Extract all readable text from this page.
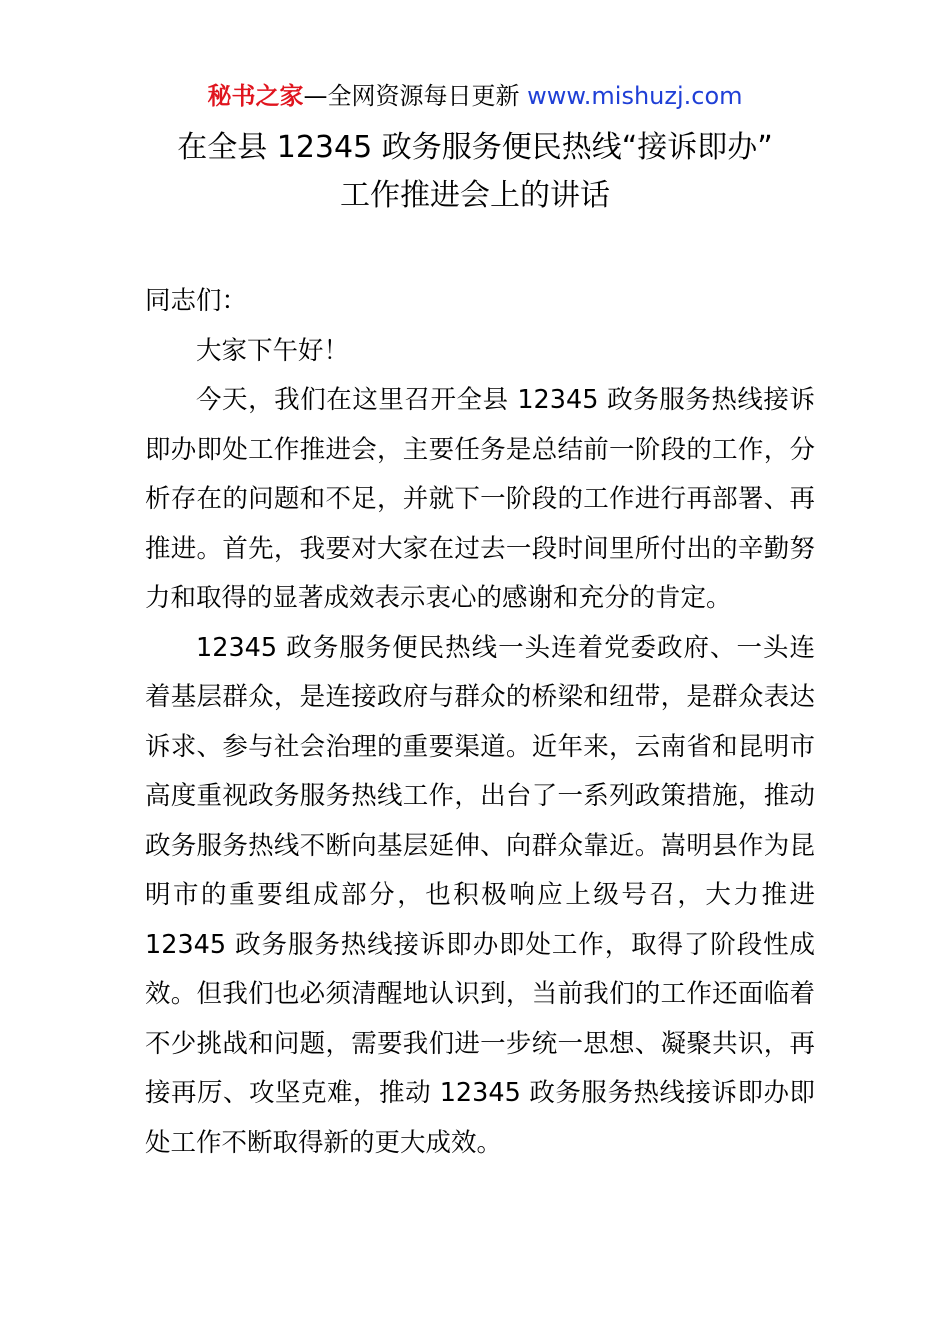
秘书之家—全网资源每日更新 www.mishuzj.com
在全县 12345 政务服务便民热线“接诉即办”
工作推进会上的讲话

同志们：

大家下午好！

今天，我们在这里召开全县 12345 政务服务热线接诉即办即处工作推进会，主要任务是总结前一阶段的工作，分析存在的问题和不足，并就下一阶段的工作进行再部署、再推进。首先，我要对大家在过去一段时间里所付出的辛勤努力和取得的显著成效表示衷心的感谢和充分的肯定。

12345 政务服务便民热线一头连着党委政府、一头连着基层群众，是连接政府与群众的桥梁和纽带，是群众表达诉求、参与社会治理的重要渠道。近年来，云南省和昆明市高度重视政务服务热线工作，出台了一系列政策措施，推动政务服务热线不断向基层延伸、向群众靠近。嵩明县作为昆明市的重要组成部分，也积极响应上级号召，大力推进 12345 政务服务热线接诉即办即处工作，取得了阶段性成效。但我们也必须清醒地认识到，当前我们的工作还面临着不少挑战和问题，需要我们进一步统一思想、凝聚共识，再接再厉、攻坚克难，推动 12345 政务服务热线接诉即办即处工作不断取得新的更大成效。
